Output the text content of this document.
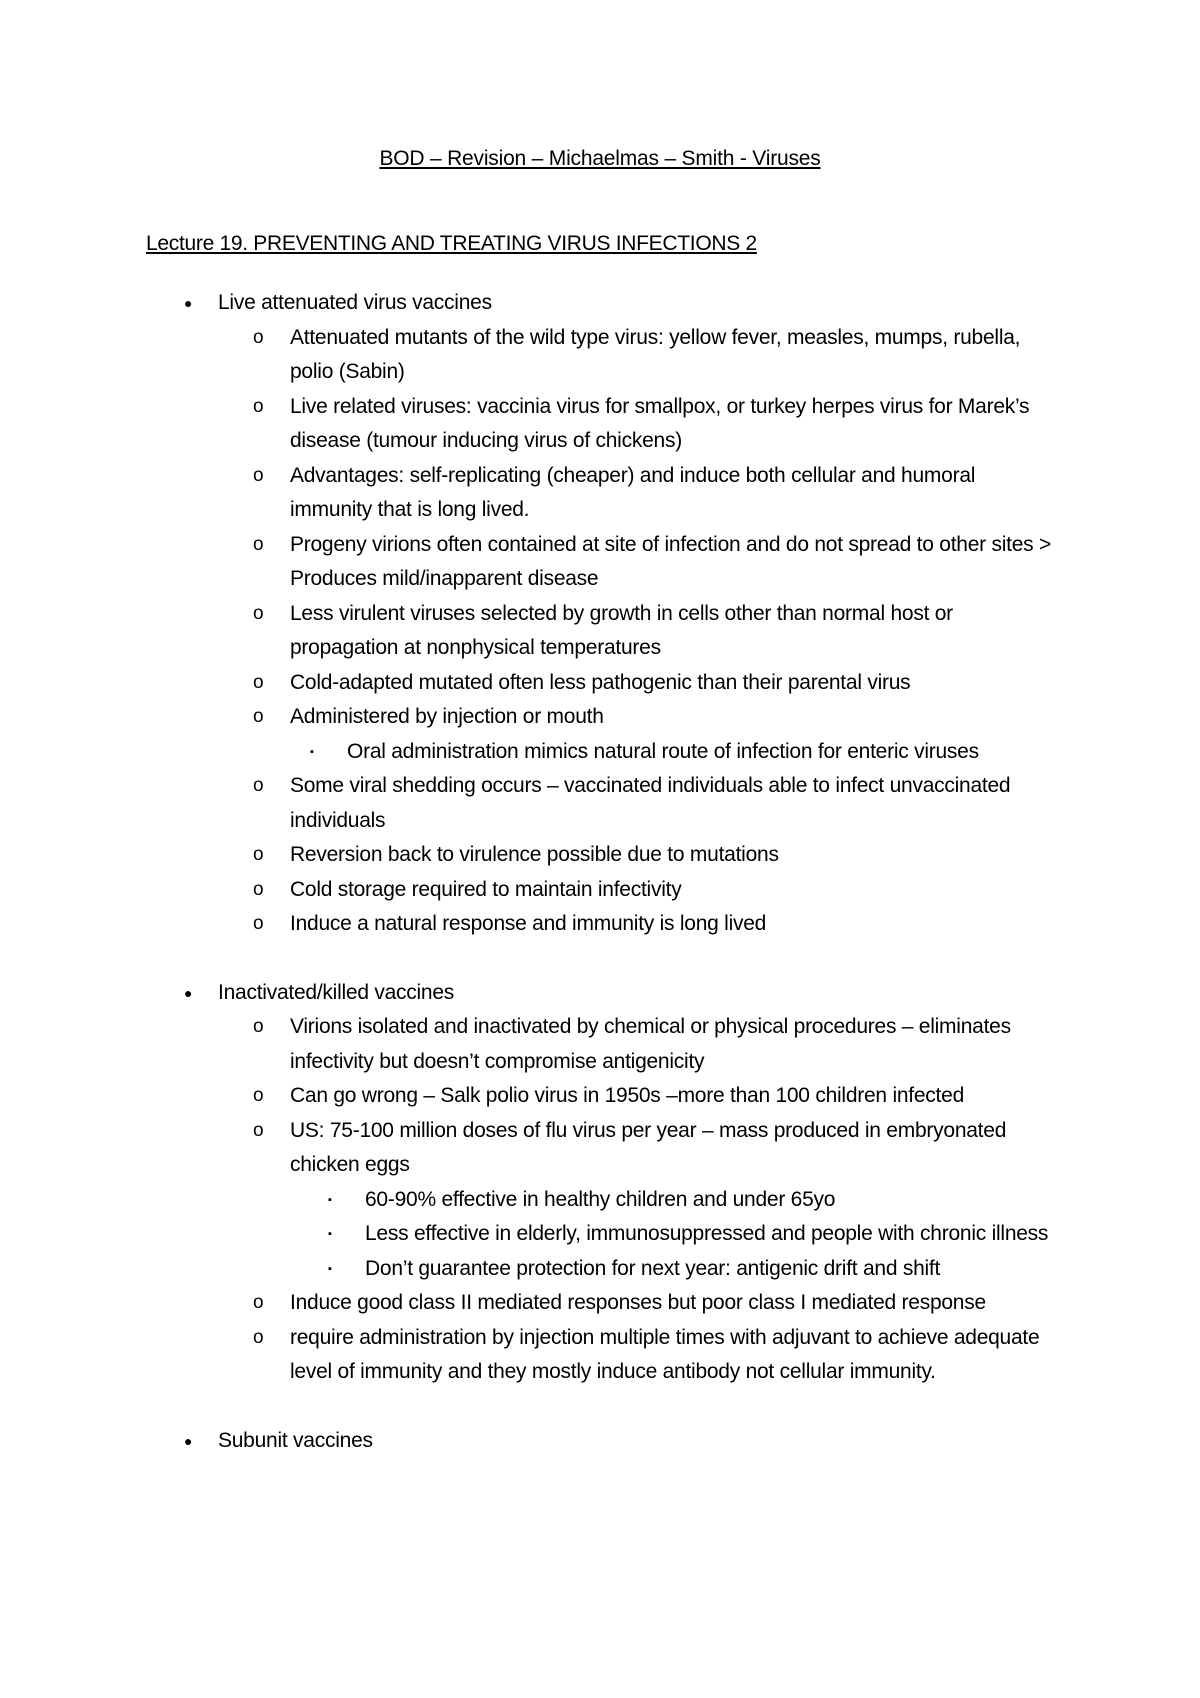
BOD – Revision – Michaelmas – Smith - Viruses
Lecture 19. PREVENTING AND TREATING VIRUS INFECTIONS 2
● Live attenuated virus vaccines
o Attenuated mutants of the wild type virus: yellow fever, measles, mumps, rubella, polio (Sabin)
o Live related viruses: vaccinia virus for smallpox, or turkey herpes virus for Marek’s disease (tumour inducing virus of chickens)
o Advantages: self-replicating (cheaper) and induce both cellular and humoral immunity that is long lived.
o Progeny virions often contained at site of infection and do not spread to other sites > Produces mild/inapparent disease
o Less virulent viruses selected by growth in cells other than normal host or propagation at nonphysical temperatures
o Cold-adapted mutated often less pathogenic than their parental virus
o Administered by injection or mouth
▪ Oral administration mimics natural route of infection for enteric viruses
o Some viral shedding occurs – vaccinated individuals able to infect unvaccinated individuals
o Reversion back to virulence possible due to mutations
o Cold storage required to maintain infectivity
o Induce a natural response and immunity is long lived
● Inactivated/killed vaccines
o Virions isolated and inactivated by chemical or physical procedures – eliminates infectivity but doesn’t compromise antigenicity
o Can go wrong – Salk polio virus in 1950s –more than 100 children infected
o US: 75-100 million doses of flu virus per year – mass produced in embryonated chicken eggs
▪ 60-90% effective in healthy children and under 65yo
▪ Less effective in elderly, immunosuppressed and people with chronic illness
▪ Don’t guarantee protection for next year: antigenic drift and shift
o Induce good class II mediated responses but poor class I mediated response
o require administration by injection multiple times with adjuvant to achieve adequate level of immunity and they mostly induce antibody not cellular immunity.
● Subunit vaccines
